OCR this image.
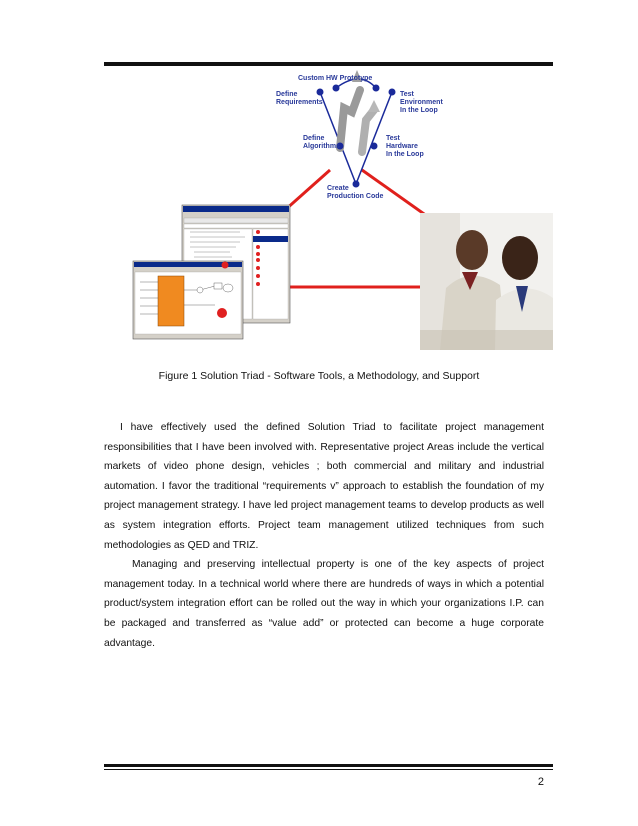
Custom HW Prototype
Define
Requirements
Test
Environment
In the Loop
Define
Algorithms
Test
Hardware
In the Loop
Create
Production Code
Figure 1 Solution Triad - Software Tools, a Methodology, and Support

I have effectively used the defined Solution Triad to facilitate project management responsibilities that I have been involved with. Representative project Areas include the vertical markets of video phone design, vehicles ; both commercial and military and industrial automation. I favor the traditional “requirements v” approach to establish the foundation of my project management strategy. I have led project management teams to develop products as well as system integration efforts. Project team management utilized techniques from such methodologies as QED and TRIZ.

Managing and preserving intellectual property is one of the key aspects of project management today. In a technical world where there are hundreds of ways in which a potential product/system integration effort can be rolled out the way in which your organizations I.P. can be packaged and transferred as “value add” or protected can become a huge corporate advantage.

2
